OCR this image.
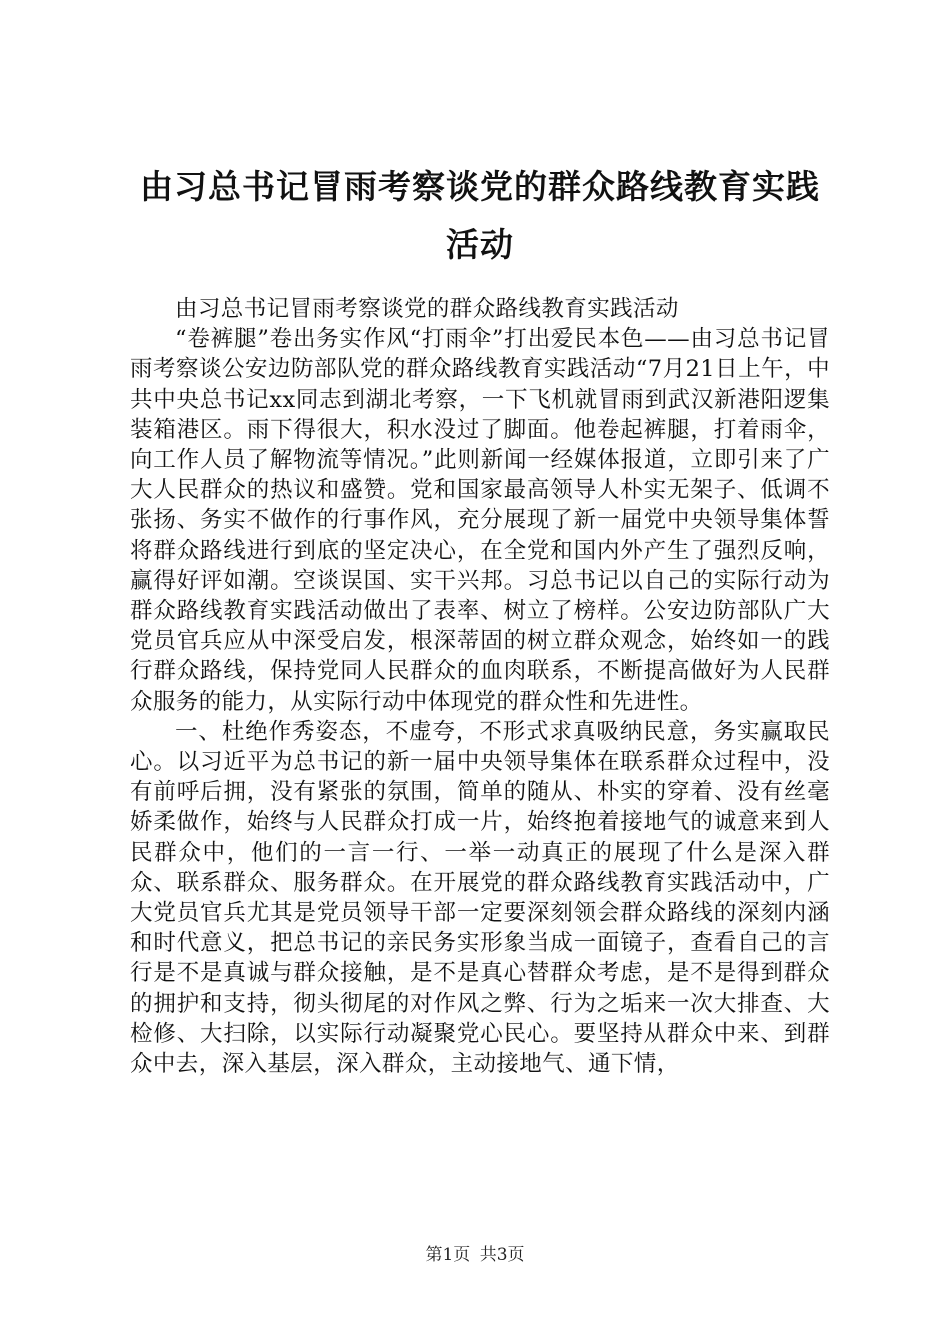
由习总书记冒雨考察谈党的群众路线教育实践
活动

由习总书记冒雨考察谈党的群众路线教育实践活动

“卷裤腿”卷出务实作风“打雨伞”打出爱民本色——由习总书记冒雨考察谈公安边防部队党的群众路线教育实践活动“7月21日上午，中共中央总书记xx同志到湖北考察，一下飞机就冒雨到武汉新港阳逻集装箱港区。雨下得很大，积水没过了脚面。他卷起裤腿，打着雨伞，向工作人员了解物流等情况。”此则新闻一经媒体报道，立即引来了广大人民群众的热议和盛赞。党和国家最高领导人朴实无架子、低调不张扬、务实不做作的行事作风，充分展现了新一届党中央领导集体誓将群众路线进行到底的坚定决心，在全党和国内外产生了强烈反响，赢得好评如潮。空谈误国、实干兴邦。习总书记以自己的实际行动为群众路线教育实践活动做出了表率、树立了榜样。公安边防部队广大党员官兵应从中深受启发，根深蒂固的树立群众观念，始终如一的践行群众路线，保持党同人民群众的血肉联系，不断提高做好为人民群众服务的能力，从实际行动中体现党的群众性和先进性。

一、杜绝作秀姿态，不虚夸，不形式求真吸纳民意，务实赢取民心。以习近平为总书记的新一届中央领导集体在联系群众过程中，没有前呼后拥，没有紧张的氛围，简单的随从、朴实的穿着、没有丝毫娇柔做作，始终与人民群众打成一片，始终抱着接地气的诚意来到人民群众中，他们的一言一行、一举一动真正的展现了什么是深入群众、联系群众、服务群众。在开展党的群众路线教育实践活动中，广大党员官兵尤其是党员领导干部一定要深刻领会群众路线的深刻内涵和时代意义，把总书记的亲民务实形象当成一面镜子，查看自己的言行是不是真诚与群众接触，是不是真心替群众考虑，是不是得到群众的拥护和支持，彻头彻尾的对作风之弊、行为之垢来一次大排查、大检修、大扫除，以实际行动凝聚党心民心。要坚持从群众中来、到群众中去，深入基层，深入群众，主动接地气、通下情，

第1页 共3页
